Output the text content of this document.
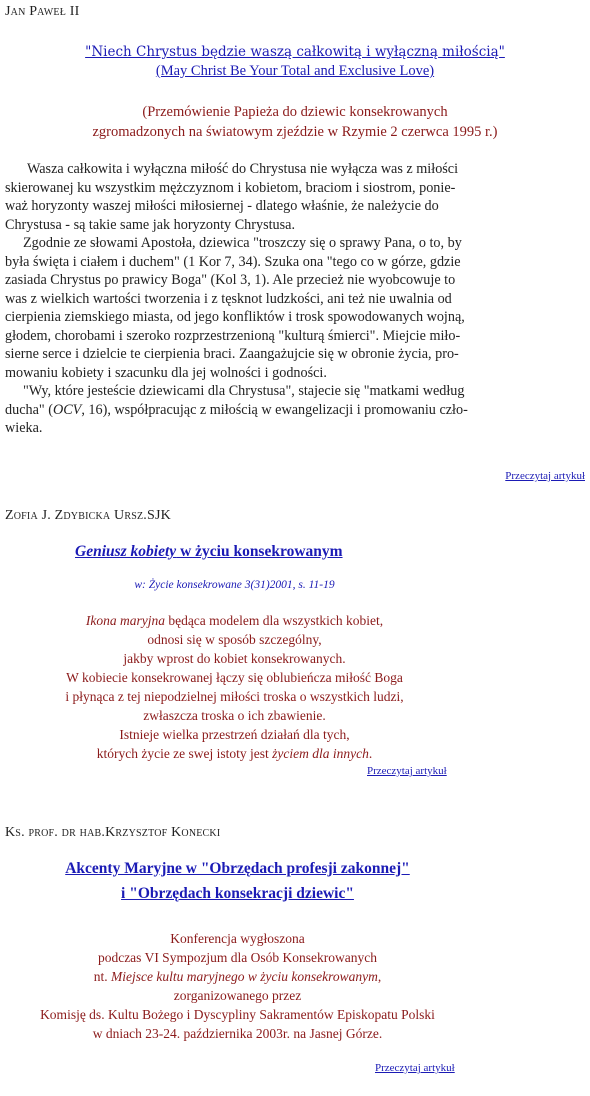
Jan Paweł II
"Niech Chrystus będzie waszą całkowitą i wyłączną miłością"
(May Christ Be Your Total and Exclusive Love)
(Przemówienie Papieża do dziewic konsekrowanych
zgromadzonych na światowym zjeździe w Rzymie 2 czerwca 1995 r.)
Wasza całkowita i wyłączna miłość do Chrystusa nie wyłącza was z miłości
skierowanej ku wszystkim mężczyznom i kobietom, braciom i siostrom, ponie-
waż horyzonty waszej miłości miłosiernej - dlatego właśnie, że należycie do
Chrystusa - są takie same jak horyzonty Chrystusa.
Zgodnie ze słowami Apostoła, dziewica "troszczy się o sprawy Pana, o to, by
była święta i ciałem i duchem" (1 Kor 7, 34). Szuka ona "tego co w górze, gdzie
zasiada Chrystus po prawicy Boga" (Kol 3, 1). Ale przecież nie wyobcowuje to
was z wielkich wartości tworzenia i z tęsknot ludzkości, ani też nie uwalnia od
cierpienia ziemskiego miasta, od jego konfliktów i trosk spowodowanych wojną,
głodem, chorobami i szeroko rozprzestrzenioną "kulturą śmierci". Miejcie miło-
sierne serce i dzielcie te cierpienia braci. Zaangażujcie się w obronie życia, pro-
mowaniu kobiety i szacunku dla jej wolności i godności.
"Wy, które jesteście dziewicami dla Chrystusa", stajecie się "matkami według
ducha" (OCV, 16), współpracując z miłością w ewangelizacji i promowaniu czło-
wieka.
Przeczytaj artykuł
Zofia J. Zdybicka Ursz.SJK
Geniusz kobiety w życiu konsekrowanym
w: Życie konsekrowane 3(31)2001, s. 11-19
Ikona maryjna będąca modelem dla wszystkich kobiet,
odnosi się w sposób szczególny,
jakby wprost do kobiet konsekrowanych.
W kobiecie konsekrowanej łączy się oblubieńcza miłość Boga
i płynąca z tej niepodzielnej miłości troska o wszystkich ludzi,
zwłaszcza troska o ich zbawienie.
Istnieje wielka przestrzeń działań dla tych,
których życie ze swej istoty jest życiem dla innych.
Przeczytaj artykuł
Ks. prof. dr hab.Krzysztof Konecki
Akcenty Maryjne w "Obrzędach profesji zakonnej"
i "Obrzędach konsekracji dziewic"
Konferencja wygłoszona
podczas VI Sympozjum dla Osób Konsekrowanych
nt. Miejsce kultu maryjnego w życiu konsekrowanym,
zorganizowanego przez
Komisję ds. Kultu Bożego i Dyscypliny Sakramentów Episkopatu Polski
w dniach 23-24. października 2003r. na Jasnej Górze.
Przeczytaj artykuł
